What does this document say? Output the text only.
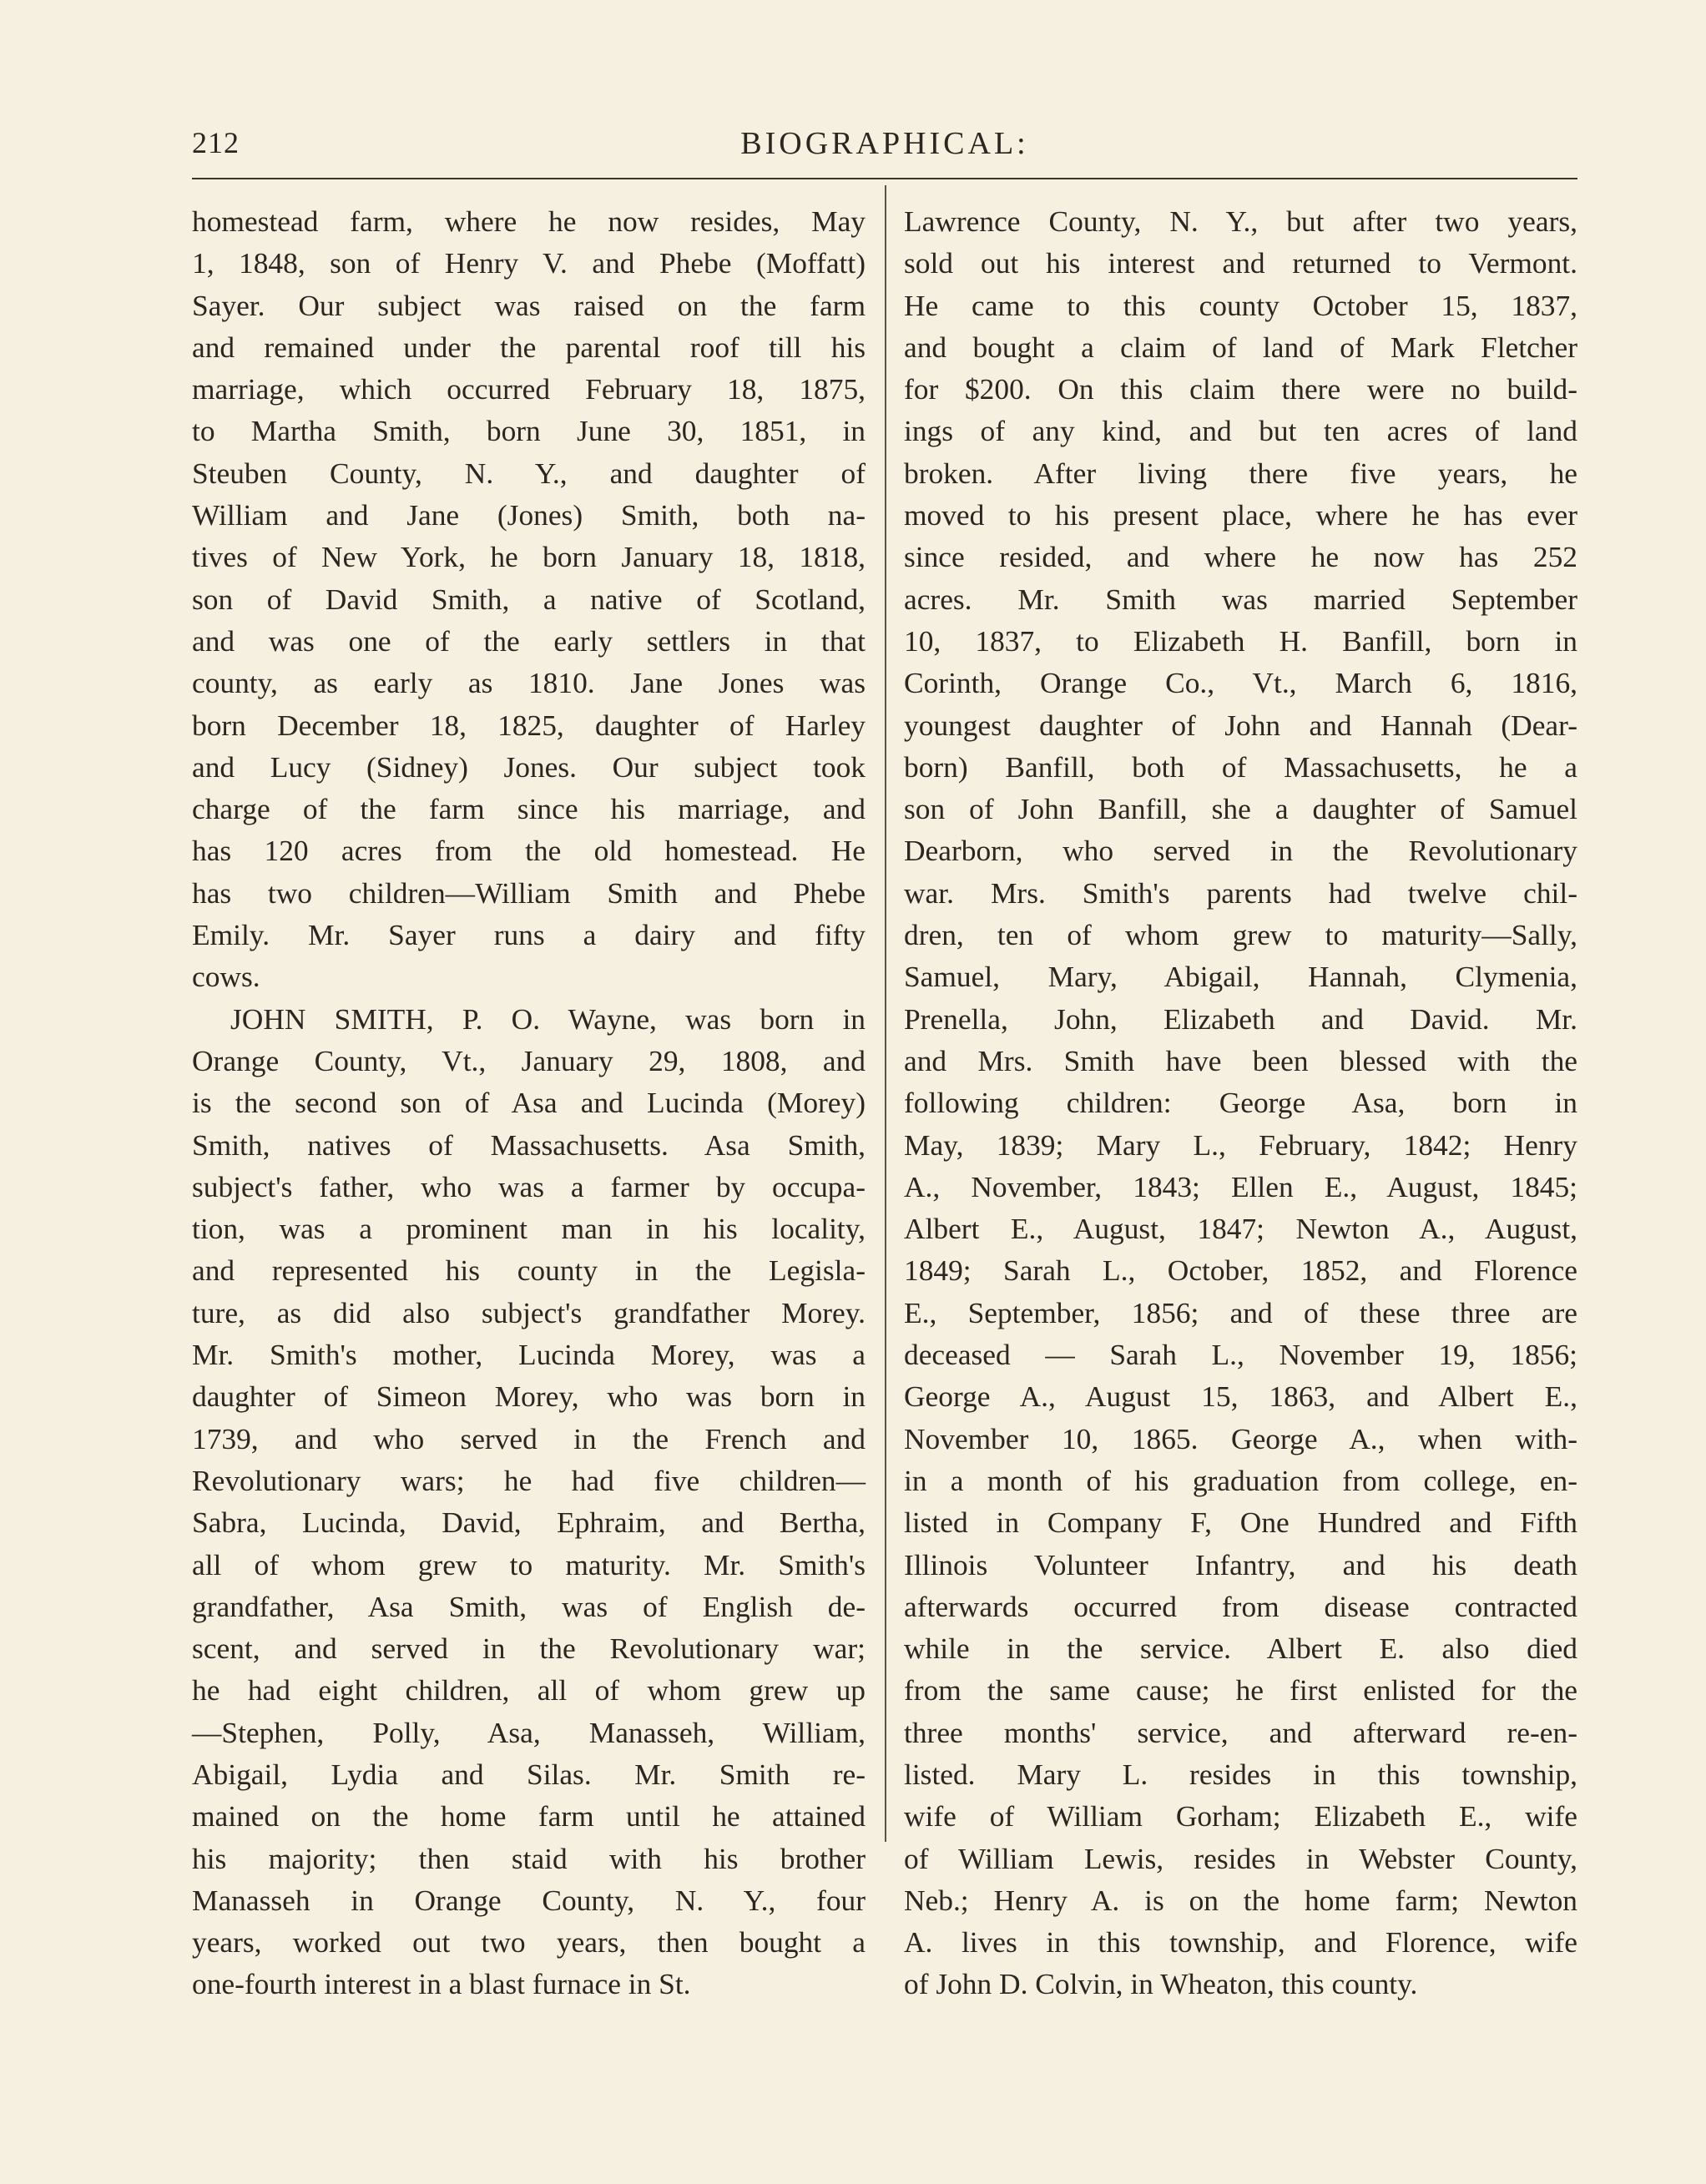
212	BIOGRAPHICAL:

homestead farm, where he now resides, May
1, 1848, son of Henry V. and Phebe (Moffatt)
Sayer. Our subject was raised on the farm
and remained under the parental roof till his
marriage, which occurred February 18, 1875,
to Martha Smith, born June 30, 1851, in
Steuben County, N. Y., and daughter of
William and Jane (Jones) Smith, both na-
tives of New York, he born January 18, 1818,
son of David Smith, a native of Scotland,
and was one of the early settlers in that
county, as early as 1810. Jane Jones was
born December 18, 1825, daughter of Harley
and Lucy (Sidney) Jones. Our subject took
charge of the farm since his marriage, and
has 120 acres from the old homestead. He
has two children—William Smith and Phebe
Emily. Mr. Sayer runs a dairy and fifty
cows.

JOHN SMITH, P. O. Wayne, was born in
Orange County, Vt., January 29, 1808, and
is the second son of Asa and Lucinda (Morey)
Smith, natives of Massachusetts. Asa Smith,
subject's father, who was a farmer by occupa-
tion, was a prominent man in his locality,
and represented his county in the Legisla-
ture, as did also subject's grandfather Morey.
Mr. Smith's mother, Lucinda Morey, was a
daughter of Simeon Morey, who was born in
1739, and who served in the French and
Revolutionary wars; he had five children—
Sabra, Lucinda, David, Ephraim, and Bertha,
all of whom grew to maturity. Mr. Smith's
grandfather, Asa Smith, was of English de-
scent, and served in the Revolutionary war;
he had eight children, all of whom grew up
—Stephen, Polly, Asa, Manasseh, William,
Abigail, Lydia and Silas. Mr. Smith re-
mained on the home farm until he attained
his majority; then staid with his brother
Manasseh in Orange County, N. Y., four
years, worked out two years, then bought a
one-fourth interest in a blast furnace in St.

Lawrence County, N. Y., but after two years,
sold out his interest and returned to Vermont.
He came to this county October 15, 1837,
and bought a claim of land of Mark Fletcher
for $200. On this claim there were no build-
ings of any kind, and but ten acres of land
broken. After living there five years, he
moved to his present place, where he has ever
since resided, and where he now has 252
acres. Mr. Smith was married September
10, 1837, to Elizabeth H. Banfill, born in
Corinth, Orange Co., Vt., March 6, 1816,
youngest daughter of John and Hannah (Dear-
born) Banfill, both of Massachusetts, he a
son of John Banfill, she a daughter of Samuel
Dearborn, who served in the Revolutionary
war. Mrs. Smith's parents had twelve chil-
dren, ten of whom grew to maturity—Sally,
Samuel, Mary, Abigail, Hannah, Clymenia,
Prenella, John, Elizabeth and David. Mr.
and Mrs. Smith have been blessed with the
following children: George Asa, born in
May, 1839; Mary L., February, 1842; Henry
A., November, 1843; Ellen E., August, 1845;
Albert E., August, 1847; Newton A., August,
1849; Sarah L., October, 1852, and Florence
E., September, 1856; and of these three are
deceased — Sarah L., November 19, 1856;
George A., August 15, 1863, and Albert E.,
November 10, 1865. George A., when with-
in a month of his graduation from college, en-
listed in Company F, One Hundred and Fifth
Illinois Volunteer Infantry, and his death
afterwards occurred from disease contracted
while in the service. Albert E. also died
from the same cause; he first enlisted for the
three months' service, and afterward re-en-
listed. Mary L. resides in this township,
wife of William Gorham; Elizabeth E., wife
of William Lewis, resides in Webster County,
Neb.; Henry A. is on the home farm; Newton
A. lives in this township, and Florence, wife
of John D. Colvin, in Wheaton, this county.
